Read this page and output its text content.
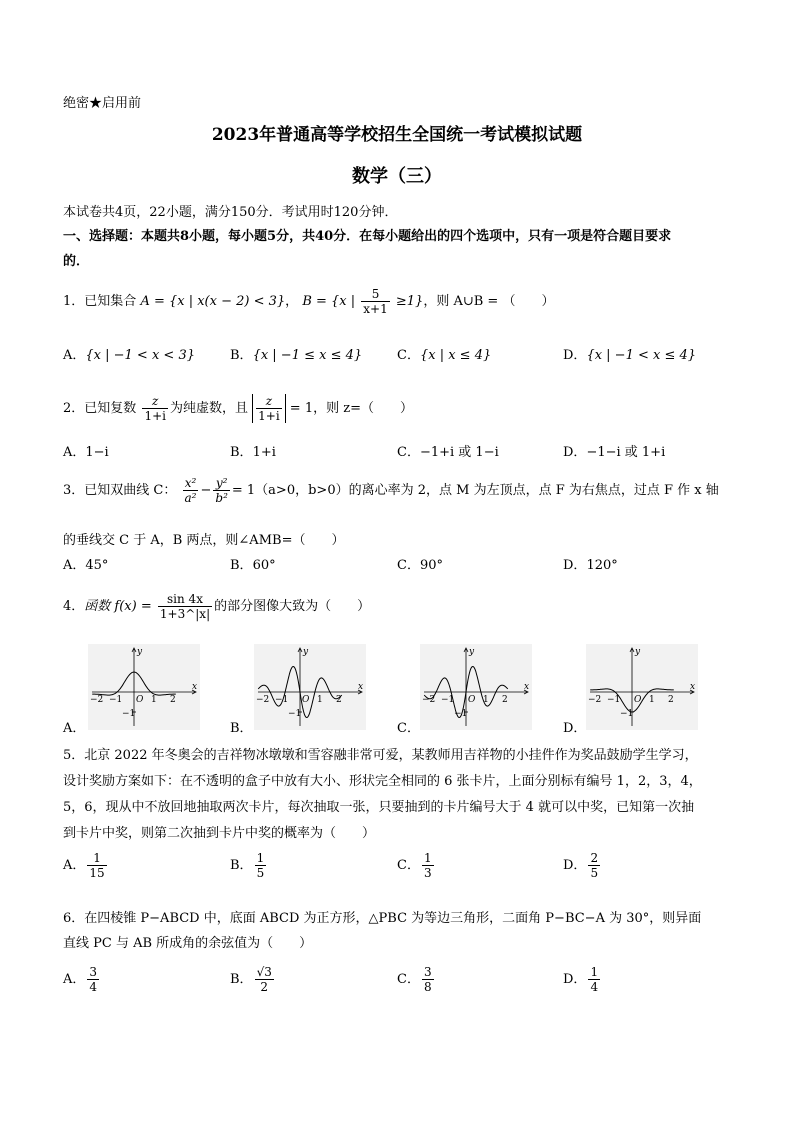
绝密★启用前
2023年普通高等学校招生全国统一考试模拟试题
数学（三）
本试卷共4页，22小题，满分150分．考试用时120分钟．
一、选择题：本题共8小题，每小题5分，共40分．在每小题给出的四个选项中，只有一项是符合题目要求
的．
1．已知集合 A = {x | x(x − 2) < 3}， B = {x | $\frac{5}{x+1} \ge 1$}，则 A∪B = （　　）
A．{x | −1 < x < 3}	B．{x | −1 ≤ x ≤ 4}	C．{x | x ≤ 4}	D．{x | −1 < x ≤ 4}
2．已知复数 $\frac{z}{1+i}$ 为纯虚数，且 $\frac{z}{1+i} = 1$，则 z=（　　）
A．1−i	B．1+i	C．−1+i 或 1−i	D．−1−i 或 1+i
3．已知双曲线 C： $\frac{\text{x²}}{\text{a²}} - \frac{\text{y²}}{\text{b²}} = 1(a>0$，b>0）的离心率为 2，点 M 为左顶点，点 F 为右焦点，过点 F 作 x 轴
的垂线交 C 于 A，B 两点，则∠AMB=（　　）
A．45°	B．60°	C．90°	D．120°
4．函数 $f(x) = \frac{\sin 4x}{1+3\^{}|x|}$ 的部分图像大致为（　　）
y
x
O
−2 −1	1 2
−1
y
x
O
−2 −1	1 2
−1
y
x
O
−2 −1	1 2
−1
y
x
O
−2 −1	1 2
−1
A．	B．	C．	D．
5．北京 2022 年冬奥会的吉祥物冰墩墩和雪容融非常可爱，某教师用吉祥物的小挂件作为奖品鼓励学生学习，
设计奖励方案如下：在不透明的盒子中放有大小、形状完全相同的 6 张卡片，上面分别标有编号 1，2，3，4，
5，6，现从中不放回地抽取两次卡片，每次抽取一张，只要抽到的卡片编号大于 4 就可以中奖，已知第一次抽
到卡片中奖，则第二次抽到卡片中奖的概率为（　　）
A． $\frac{1}{15}$	B． $\frac{1}{5}$	C． $\frac{1}{3}$	D． $\frac{2}{5}$
6．在四棱锥 P−ABCD 中，底面 ABCD 为正方形，△PBC 为等边三角形，二面角 P−BC−A 为 30°，则异面
直线 PC 与 AB 所成角的余弦值为（　　）
A． $\frac{3}{4}$	B． $\frac{√3}{2}$	C． $\frac{3}{8}$	D． $\frac{1}{4}$
